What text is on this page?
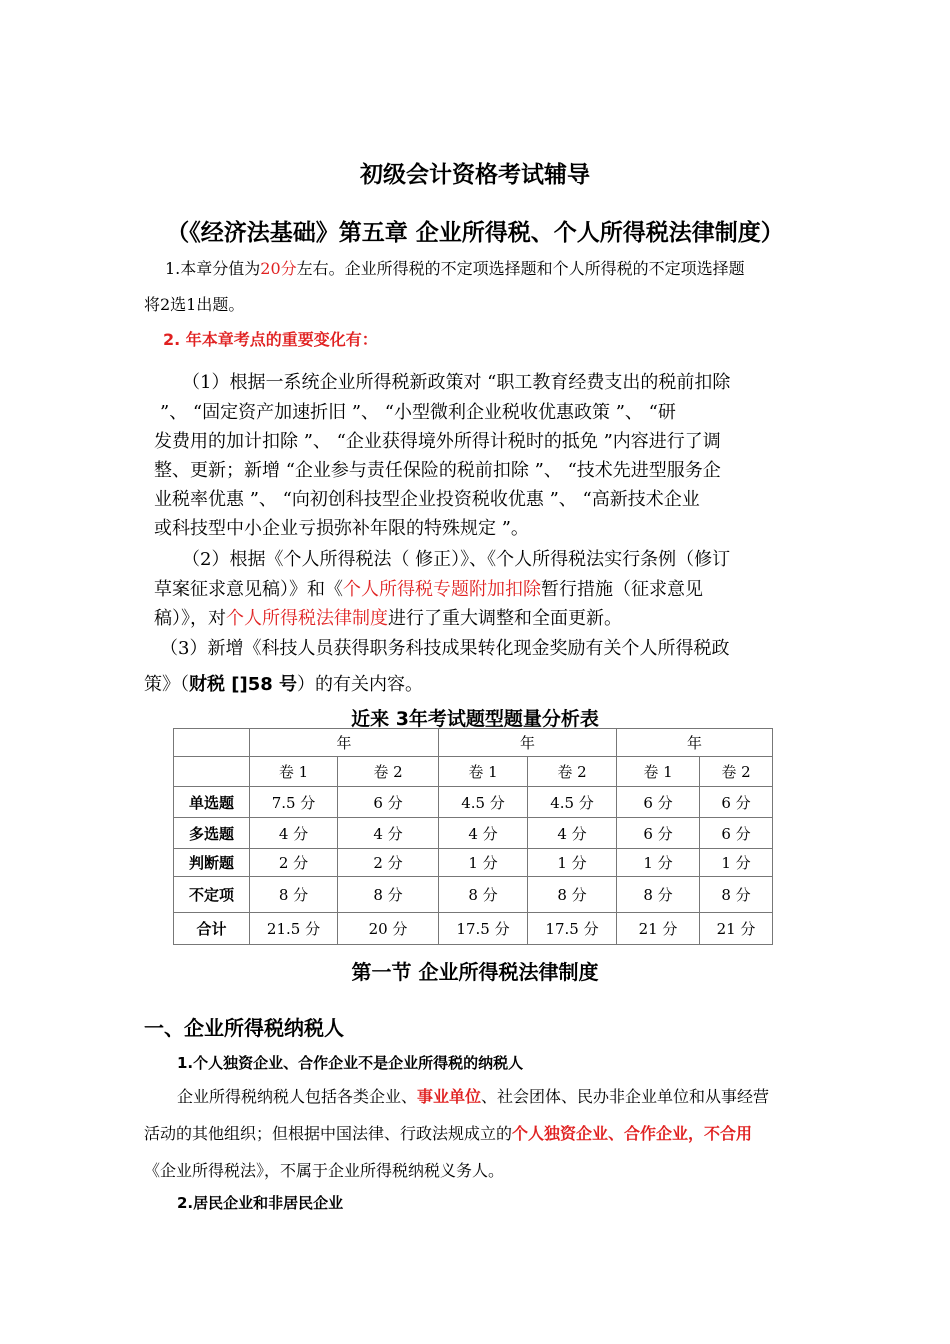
初级会计资格考试辅导
（《经济法基础》第五章 企业所得税、个人所得税法律制度）
1.本章分值为20分左右。企业所得税的不定项选择题和个人所得税的不定项选择题
将2选1出题。
2. 年本章考点的重要变化有：
（1）根据一系统企业所得税新政策对 “职工教育经费支出的税前扣除
”、 “固定资产加速折旧 ”、 “小型微利企业税收优惠政策 ”、 “研
发费用的加计扣除 ”、 “企业获得境外所得计税时的抵免 ”内容进行了调
整、更新；新增 “企业参与责任保险的税前扣除 ”、 “技术先进型服务企
业税率优惠 ”、 “向初创科技型企业投资税收优惠 ”、 “高新技术企业
或科技型中小企业亏损弥补年限的特殊规定 ”。
（2）根据《个人所得税法（ 修正）》、《个人所得税法实行条例（修订
草案征求意见稿）》和《个人所得税专题附加扣除暂行措施（征求意见
稿）》，对个人所得税法律制度进行了重大调整和全面更新。
（3）新增《科技人员获得职务科技成果转化现金奖励有关个人所得税政
策》（财税 []58 号）的有关内容。
近来 3年考试题型题量分析表
	年		年		年	
	卷 1	卷 2	卷 1	卷 2	卷 1	卷 2
单选题	7.5 分	6 分	4.5 分	4.5 分	6 分	6 分
多选题	4 分	4 分	4 分	4 分	6 分	6 分
判断题	2 分	2 分	1 分	1 分	1 分	1 分
不定项	8 分	8 分	8 分	8 分	8 分	8 分
合计	21.5 分	20 分	17.5 分	17.5 分	21 分	21 分
第一节 企业所得税法律制度
一、企业所得税纳税人
1.个人独资企业、合作企业不是企业所得税的纳税人
企业所得税纳税人包括各类企业、事业单位、社会团体、民办非企业单位和从事经营
活动的其他组织；但根据中国法律、行政法规成立的个人独资企业、合作企业，不合用
《企业所得税法》，不属于企业所得税纳税义务人。
2.居民企业和非居民企业
